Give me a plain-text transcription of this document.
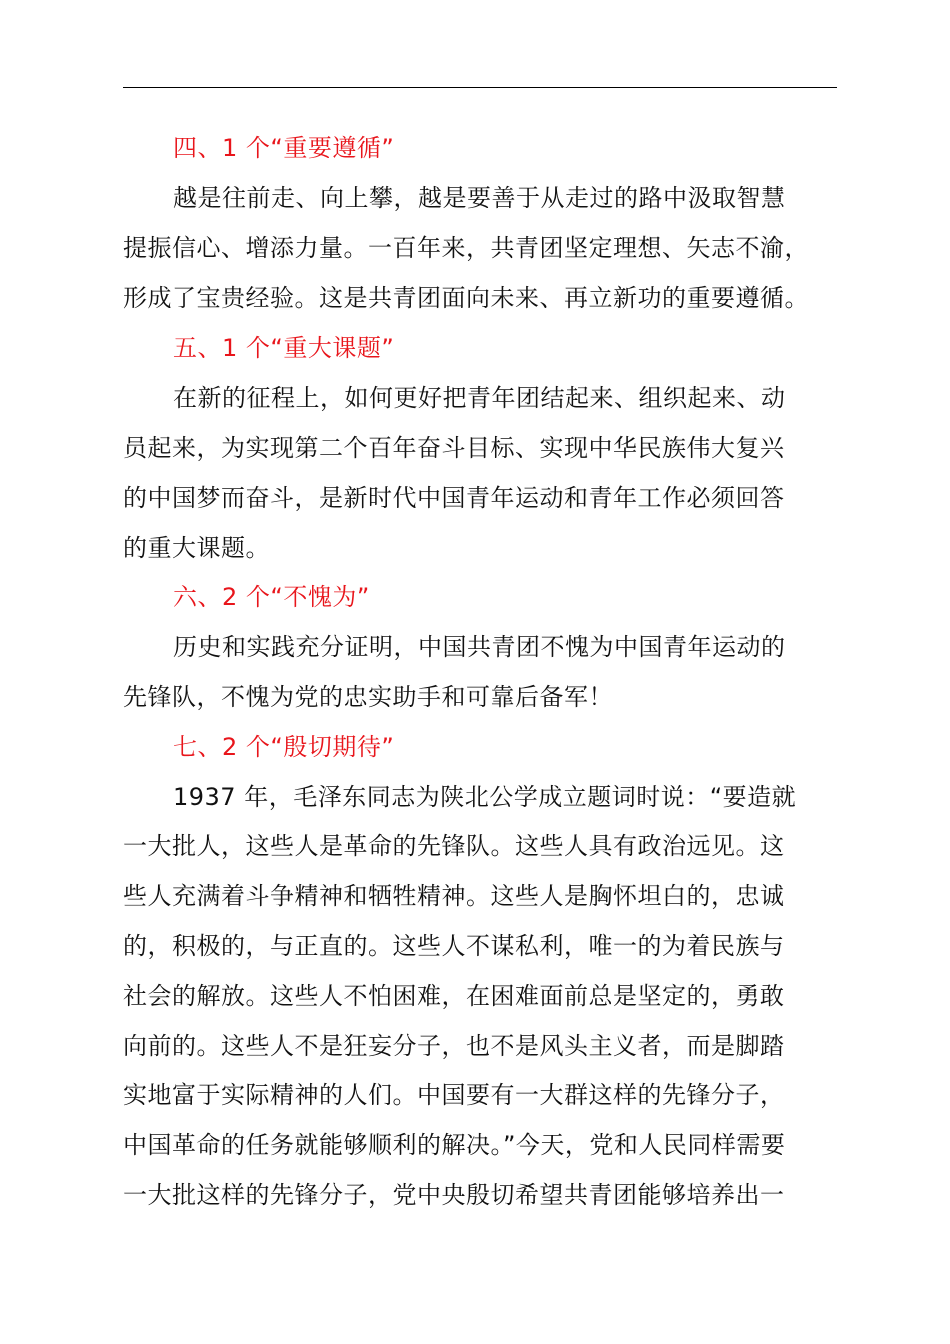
四、1 个“重要遵循”
越是往前走、向上攀，越是要善于从走过的路中汲取智慧
提振信心、增添力量。一百年来，共青团坚定理想、矢志不渝，
形成了宝贵经验。这是共青团面向未来、再立新功的重要遵循。
五、1 个“重大课题”
在新的征程上，如何更好把青年团结起来、组织起来、动
员起来，为实现第二个百年奋斗目标、实现中华民族伟大复兴
的中国梦而奋斗，是新时代中国青年运动和青年工作必须回答
的重大课题。
六、2 个“不愧为”
历史和实践充分证明，中国共青团不愧为中国青年运动的
先锋队，不愧为党的忠实助手和可靠后备军！
七、2 个“殷切期待”
1937 年，毛泽东同志为陕北公学成立题词时说：“要造就
一大批人，这些人是革命的先锋队。这些人具有政治远见。这
些人充满着斗争精神和牺牲精神。这些人是胸怀坦白的，忠诚
的，积极的，与正直的。这些人不谋私利，唯一的为着民族与
社会的解放。这些人不怕困难，在困难面前总是坚定的，勇敢
向前的。这些人不是狂妄分子，也不是风头主义者，而是脚踏
实地富于实际精神的人们。中国要有一大群这样的先锋分子，
中国革命的任务就能够顺利的解决。”今天，党和人民同样需要
一大批这样的先锋分子，党中央殷切希望共青团能够培养出一
